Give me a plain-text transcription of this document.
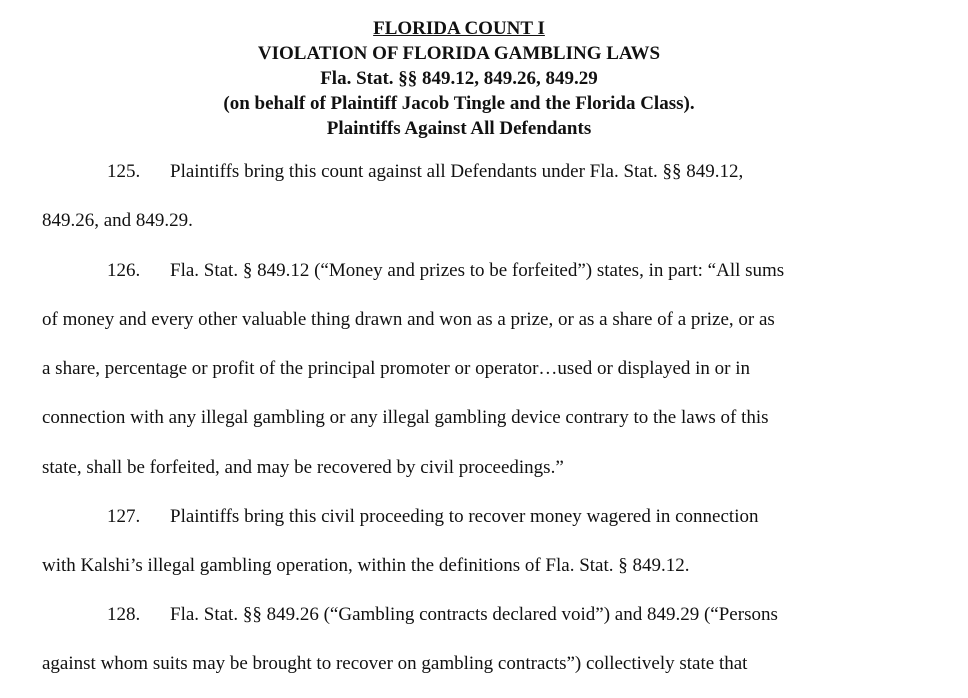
FLORIDA COUNT I
VIOLATION OF FLORIDA GAMBLING LAWS
Fla. Stat. §§ 849.12, 849.26, 849.29
(on behalf of Plaintiff Jacob Tingle and the Florida Class).
Plaintiffs Against All Defendants
125. Plaintiffs bring this count against all Defendants under Fla. Stat. §§ 849.12,
849.26, and 849.29.
126. Fla. Stat. § 849.12 (“Money and prizes to be forfeited”) states, in part: “All sums
of money and every other valuable thing drawn and won as a prize, or as a share of a prize, or as
a share, percentage or profit of the principal promoter or operator…used or displayed in or in
connection with any illegal gambling or any illegal gambling device contrary to the laws of this
state, shall be forfeited, and may be recovered by civil proceedings.”
127. Plaintiffs bring this civil proceeding to recover money wagered in connection
with Kalshi’s illegal gambling operation, within the definitions of Fla. Stat. § 849.12.
128. Fla. Stat. §§ 849.26 (“Gambling contracts declared void”) and 849.29 (“Persons
against whom suits may be brought to recover on gambling contracts”) collectively state that
